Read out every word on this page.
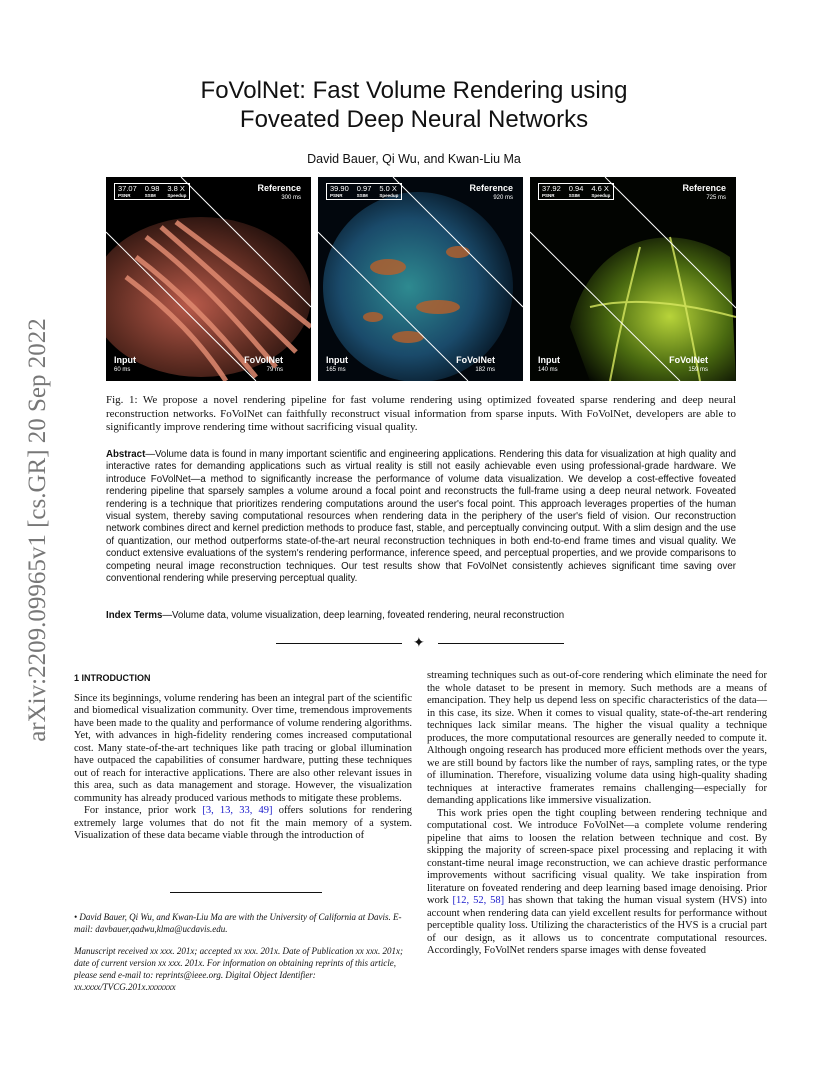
FoVolNet: Fast Volume Rendering using
Foveated Deep Neural Networks
David Bauer, Qi Wu, and Kwan-Liu Ma
arXiv:2209.09965v1 [cs.GR] 20 Sep 2022
37.07
PSNR
0.98
SSIM
3.8 X
Speedup
Reference
300 ms
Input
60 ms
FoVolNet
79 ms
39.90
PSNR
0.97
SSIM
5.0 X
Speedup
Reference
920 ms
Input
165 ms
FoVolNet
182 ms
37.92
PSNR
0.94
SSIM
4.6 X
Speedup
Reference
725 ms
Input
140 ms
FoVolNet
159 ms
Fig. 1: We propose a novel rendering pipeline for fast volume rendering using optimized foveated sparse rendering and deep neural reconstruction networks. FoVolNet can faithfully reconstruct visual information from sparse inputs. With FoVolNet, developers are able to significantly improve rendering time without sacrificing visual quality.
Abstract—Volume data is found in many important scientific and engineering applications. Rendering this data for visualization at high quality and interactive rates for demanding applications such as virtual reality is still not easily achievable even using professional-grade hardware. We introduce FoVolNet—a method to significantly increase the performance of volume data visualization. We develop a cost-effective foveated rendering pipeline that sparsely samples a volume around a focal point and reconstructs the full-frame using a deep neural network. Foveated rendering is a technique that prioritizes rendering computations around the user's focal point. This approach leverages properties of the human visual system, thereby saving computational resources when rendering data in the periphery of the user's field of vision. Our reconstruction network combines direct and kernel prediction methods to produce fast, stable, and perceptually convincing output. With a slim design and the use of quantization, our method outperforms state-of-the-art neural reconstruction techniques in both end-to-end frame times and visual quality. We conduct extensive evaluations of the system's rendering performance, inference speed, and perceptual properties, and we provide comparisons to competing neural image reconstruction techniques. Our test results show that FoVolNet consistently achieves significant time saving over conventional rendering while preserving perceptual quality.
Index Terms—Volume data, volume visualization, deep learning, foveated rendering, neural reconstruction
✦
1 INTRODUCTION

Since its beginnings, volume rendering has been an integral part of the scientific and biomedical visualization community. Over time, tremendous improvements have been made to the quality and performance of volume rendering algorithms. Yet, with advances in high-fidelity rendering comes increased computational cost. Many state-of-the-art techniques like path tracing or global illumination have outpaced the capabilities of consumer hardware, putting these techniques out of reach for interactive applications. There are also other relevant issues in this area, such as data management and storage. However, the visualization community has already produced various methods to mitigate these problems.

For instance, prior work [3, 13, 33, 49] offers solutions for rendering extremely large volumes that do not fit the main memory of a system. Visualization of these data became viable through the introduction of

• David Bauer, Qi Wu, and Kwan-Liu Ma are with the University of California at Davis. E-mail: davbauer,qadwu,klma@ucdavis.edu.
Manuscript received xx xxx. 201x; accepted xx xxx. 201x. Date of Publication xx xxx. 201x; date of current version xx xxx. 201x. For information on obtaining reprints of this article, please send e-mail to: reprints@ieee.org. Digital Object Identifier: xx.xxxx/TVCG.201x.xxxxxxx

streaming techniques such as out-of-core rendering which eliminate the need for the whole dataset to be present in memory. Such methods are a means of emancipation. They help us depend less on specific characteristics of the data—in this case, its size. When it comes to visual quality, state-of-the-art rendering techniques lack similar means. The higher the visual quality a technique produces, the more computational resources are generally needed to compute it. Although ongoing research has produced more efficient methods over the years, we are still bound by factors like the number of rays, sampling rates, or the type of illumination. Therefore, visualizing volume data using high-quality shading techniques at interactive framerates remains challenging—especially for demanding applications like immersive visualization.

This work pries open the tight coupling between rendering technique and computational cost. We introduce FoVolNet—a complete volume rendering pipeline that aims to loosen the relation between technique and cost. By skipping the majority of screen-space pixel processing and replacing it with constant-time neural image reconstruction, we can achieve drastic performance improvements without sacrificing visual quality. We take inspiration from literature on foveated rendering and deep learning based image denoising. Prior work [12, 52, 58] has shown that taking the human visual system (HVS) into account when rendering data can yield excellent results for performance without perceptible quality loss. Utilizing the characteristics of the HVS is a crucial part of our design, as it allows us to concentrate computational resources. Accordingly, FoVolNet renders sparse images with dense foveated
